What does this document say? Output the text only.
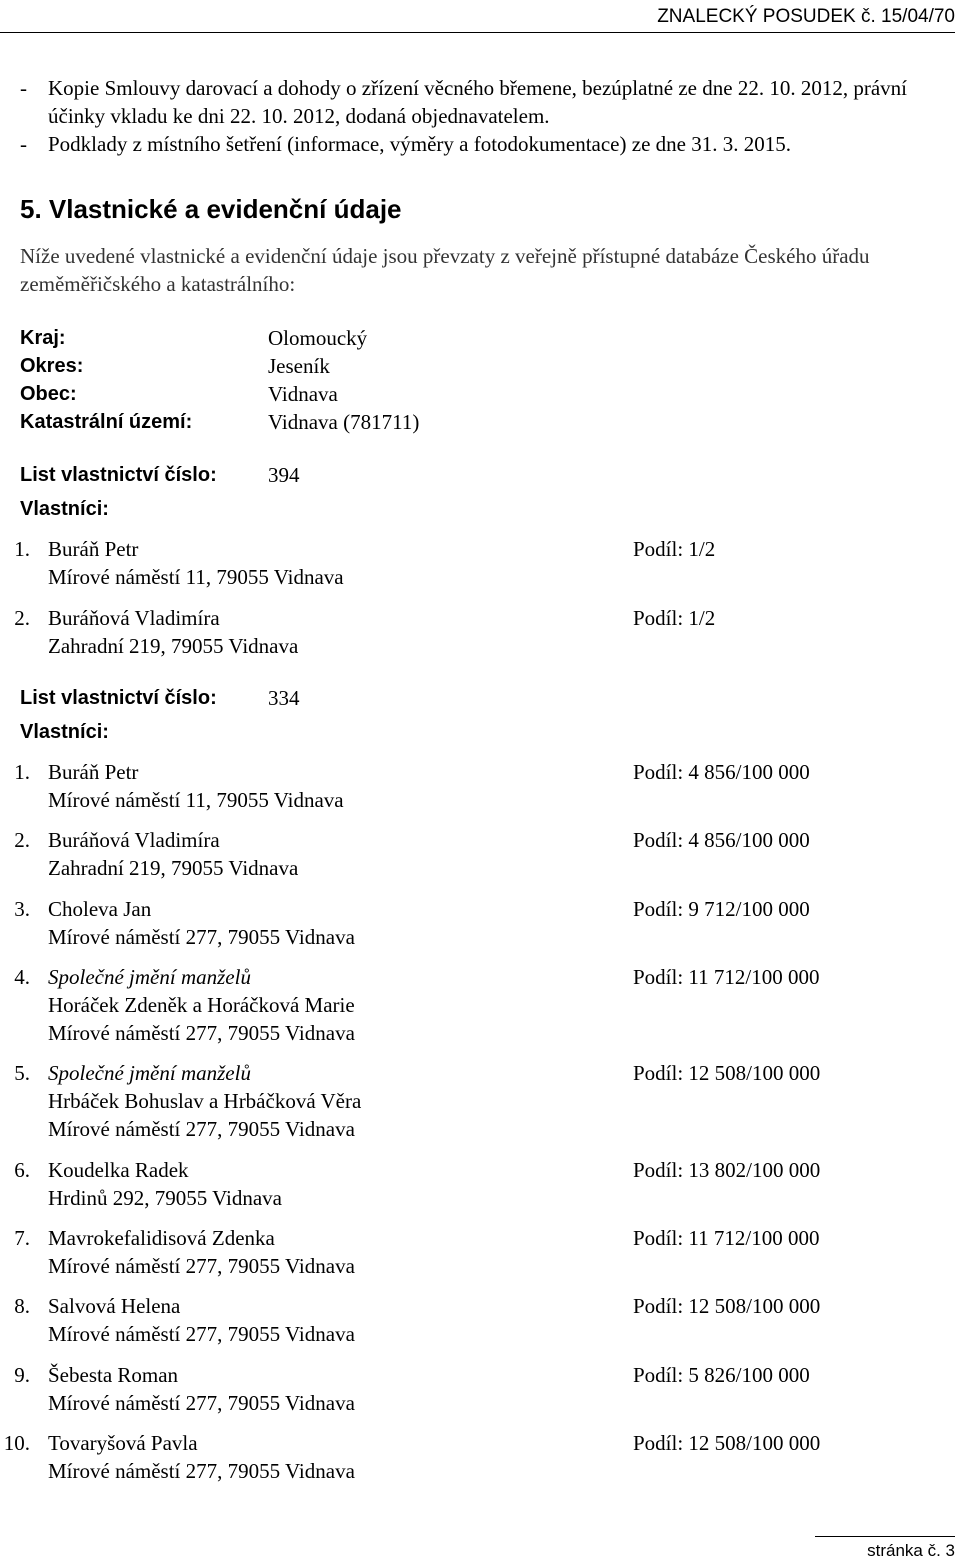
ZNALECKÝ POSUDEK č. 15/04/70
- Kopie Smlouvy darovací a dohody o zřízení věcného břemene, bezúplatné ze dne 22. 10. 2012, právní účinky vkladu ke dni 22. 10. 2012, dodaná objednavatelem.
- Podklady z místního šetření (informace, výměry a fotodokumentace) ze dne 31. 3. 2015.
5. Vlastnické a evidenční údaje
Níže uvedené vlastnické a evidenční údaje jsou převzaty z veřejně přístupné databáze Českého úřadu zeměměřičského a katastrálního:
Kraj:	Olomoucký
Okres:	Jeseník
Obec:	Vidnava
Katastrální území:	Vidnava (781711)
List vlastnictví číslo: 394
Vlastníci:
1. Buráň Petr	Podíl: 1/2
Mírové náměstí 11, 79055 Vidnava
2. Buráňová Vladimíra	Podíl: 1/2
Zahradní 219, 79055 Vidnava
List vlastnictví číslo: 334
Vlastníci:
1. Buráň Petr	Podíl: 4 856/100 000
Mírové náměstí 11, 79055 Vidnava
2. Buráňová Vladimíra	Podíl: 4 856/100 000
Zahradní 219, 79055 Vidnava
3. Choleva Jan	Podíl: 9 712/100 000
Mírové náměstí 277, 79055 Vidnava
4. Společné jmění manželů	Podíl: 11 712/100 000
Horáček Zdeněk a Horáčková Marie
Mírové náměstí 277, 79055 Vidnava
5. Společné jmění manželů	Podíl: 12 508/100 000
Hrbáček Bohuslav a Hrbáčková Věra
Mírové náměstí 277, 79055 Vidnava
6. Koudelka Radek	Podíl: 13 802/100 000
Hrdinů 292, 79055 Vidnava
7. Mavrokefalidisová Zdenka	Podíl: 11 712/100 000
Mírové náměstí 277, 79055 Vidnava
8. Salvová Helena	Podíl: 12 508/100 000
Mírové náměstí 277, 79055 Vidnava
9. Šebesta Roman	Podíl: 5 826/100 000
Mírové náměstí 277, 79055 Vidnava
10. Tovaryšová Pavla	Podíl: 12 508/100 000
Mírové náměstí 277, 79055 Vidnava
stránka č. 3
